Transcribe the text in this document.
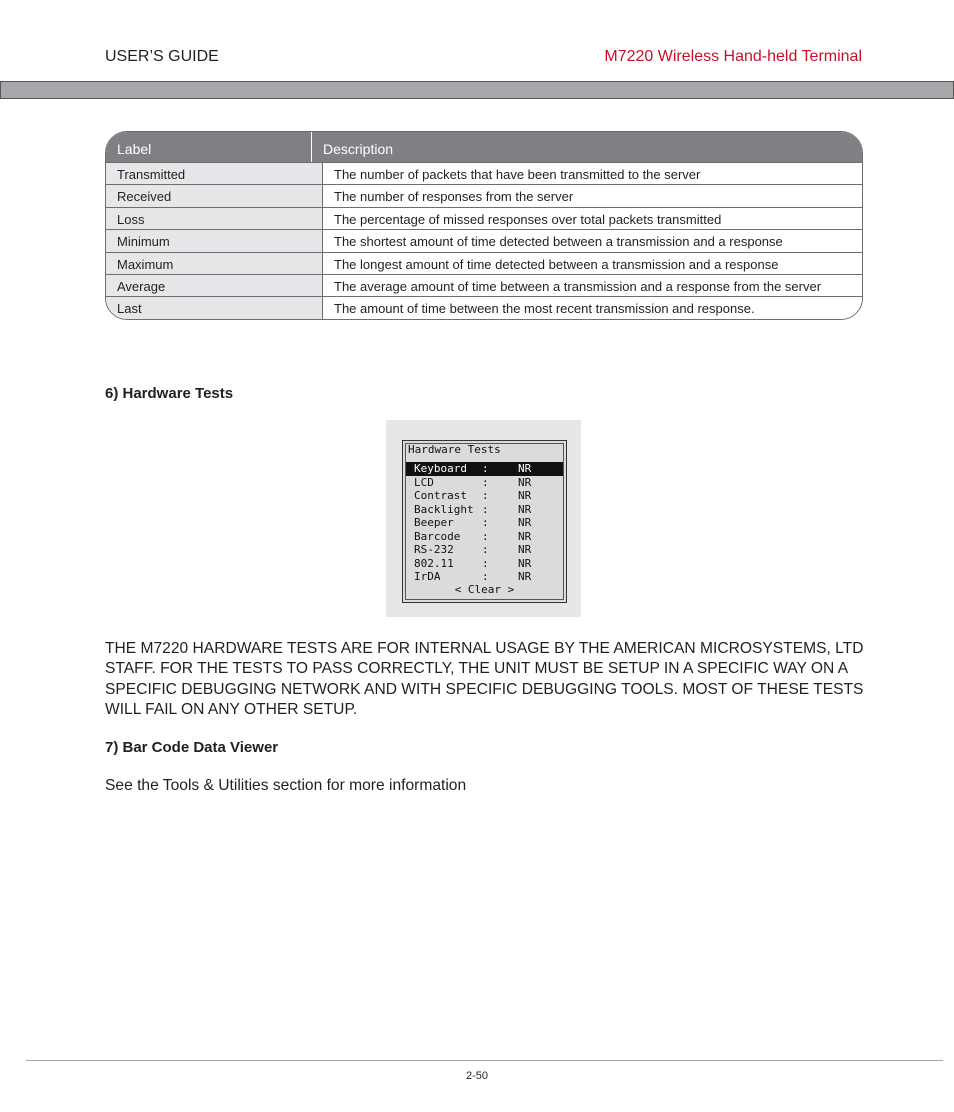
USER’S GUIDE	M7220 Wireless Hand-held Terminal
Label	Description
Transmitted	The number of packets that have been transmitted to the server
Received	The number of responses from the server
Loss	The percentage of missed responses over total packets transmitted
Minimum	The shortest amount of time detected between a transmission and a response
Maximum	The longest amount of time detected between a transmission and a response
Average	The average amount of time between a transmission and a response from the server
Last	The amount of time between the most recent transmission and response.
6) Hardware Tests
Hardware Tests
Keyboard :	NR
LCD	:	NR
Contrast :	NR
Backlight :	NR
Beeper	:	NR
Barcode :	NR
RS-232	:	NR
802.11	:	NR
IrDA	:	NR
< Clear >
THE M7220 HARDWARE TESTS ARE FOR INTERNAL USAGE BY THE AMERICAN MICROSYSTEMS, LTD STAFF. FOR THE TESTS TO PASS CORRECTLY, THE UNIT MUST BE SETUP IN A SPECIFIC WAY ON A SPECIFIC DEBUGGING NETWORK AND WITH SPECIFIC DEBUGGING TOOLS. MOST OF THESE TESTS WILL FAIL ON ANY OTHER SETUP.
7) Bar Code Data Viewer
See the Tools & Utilities section for more information
2-50
